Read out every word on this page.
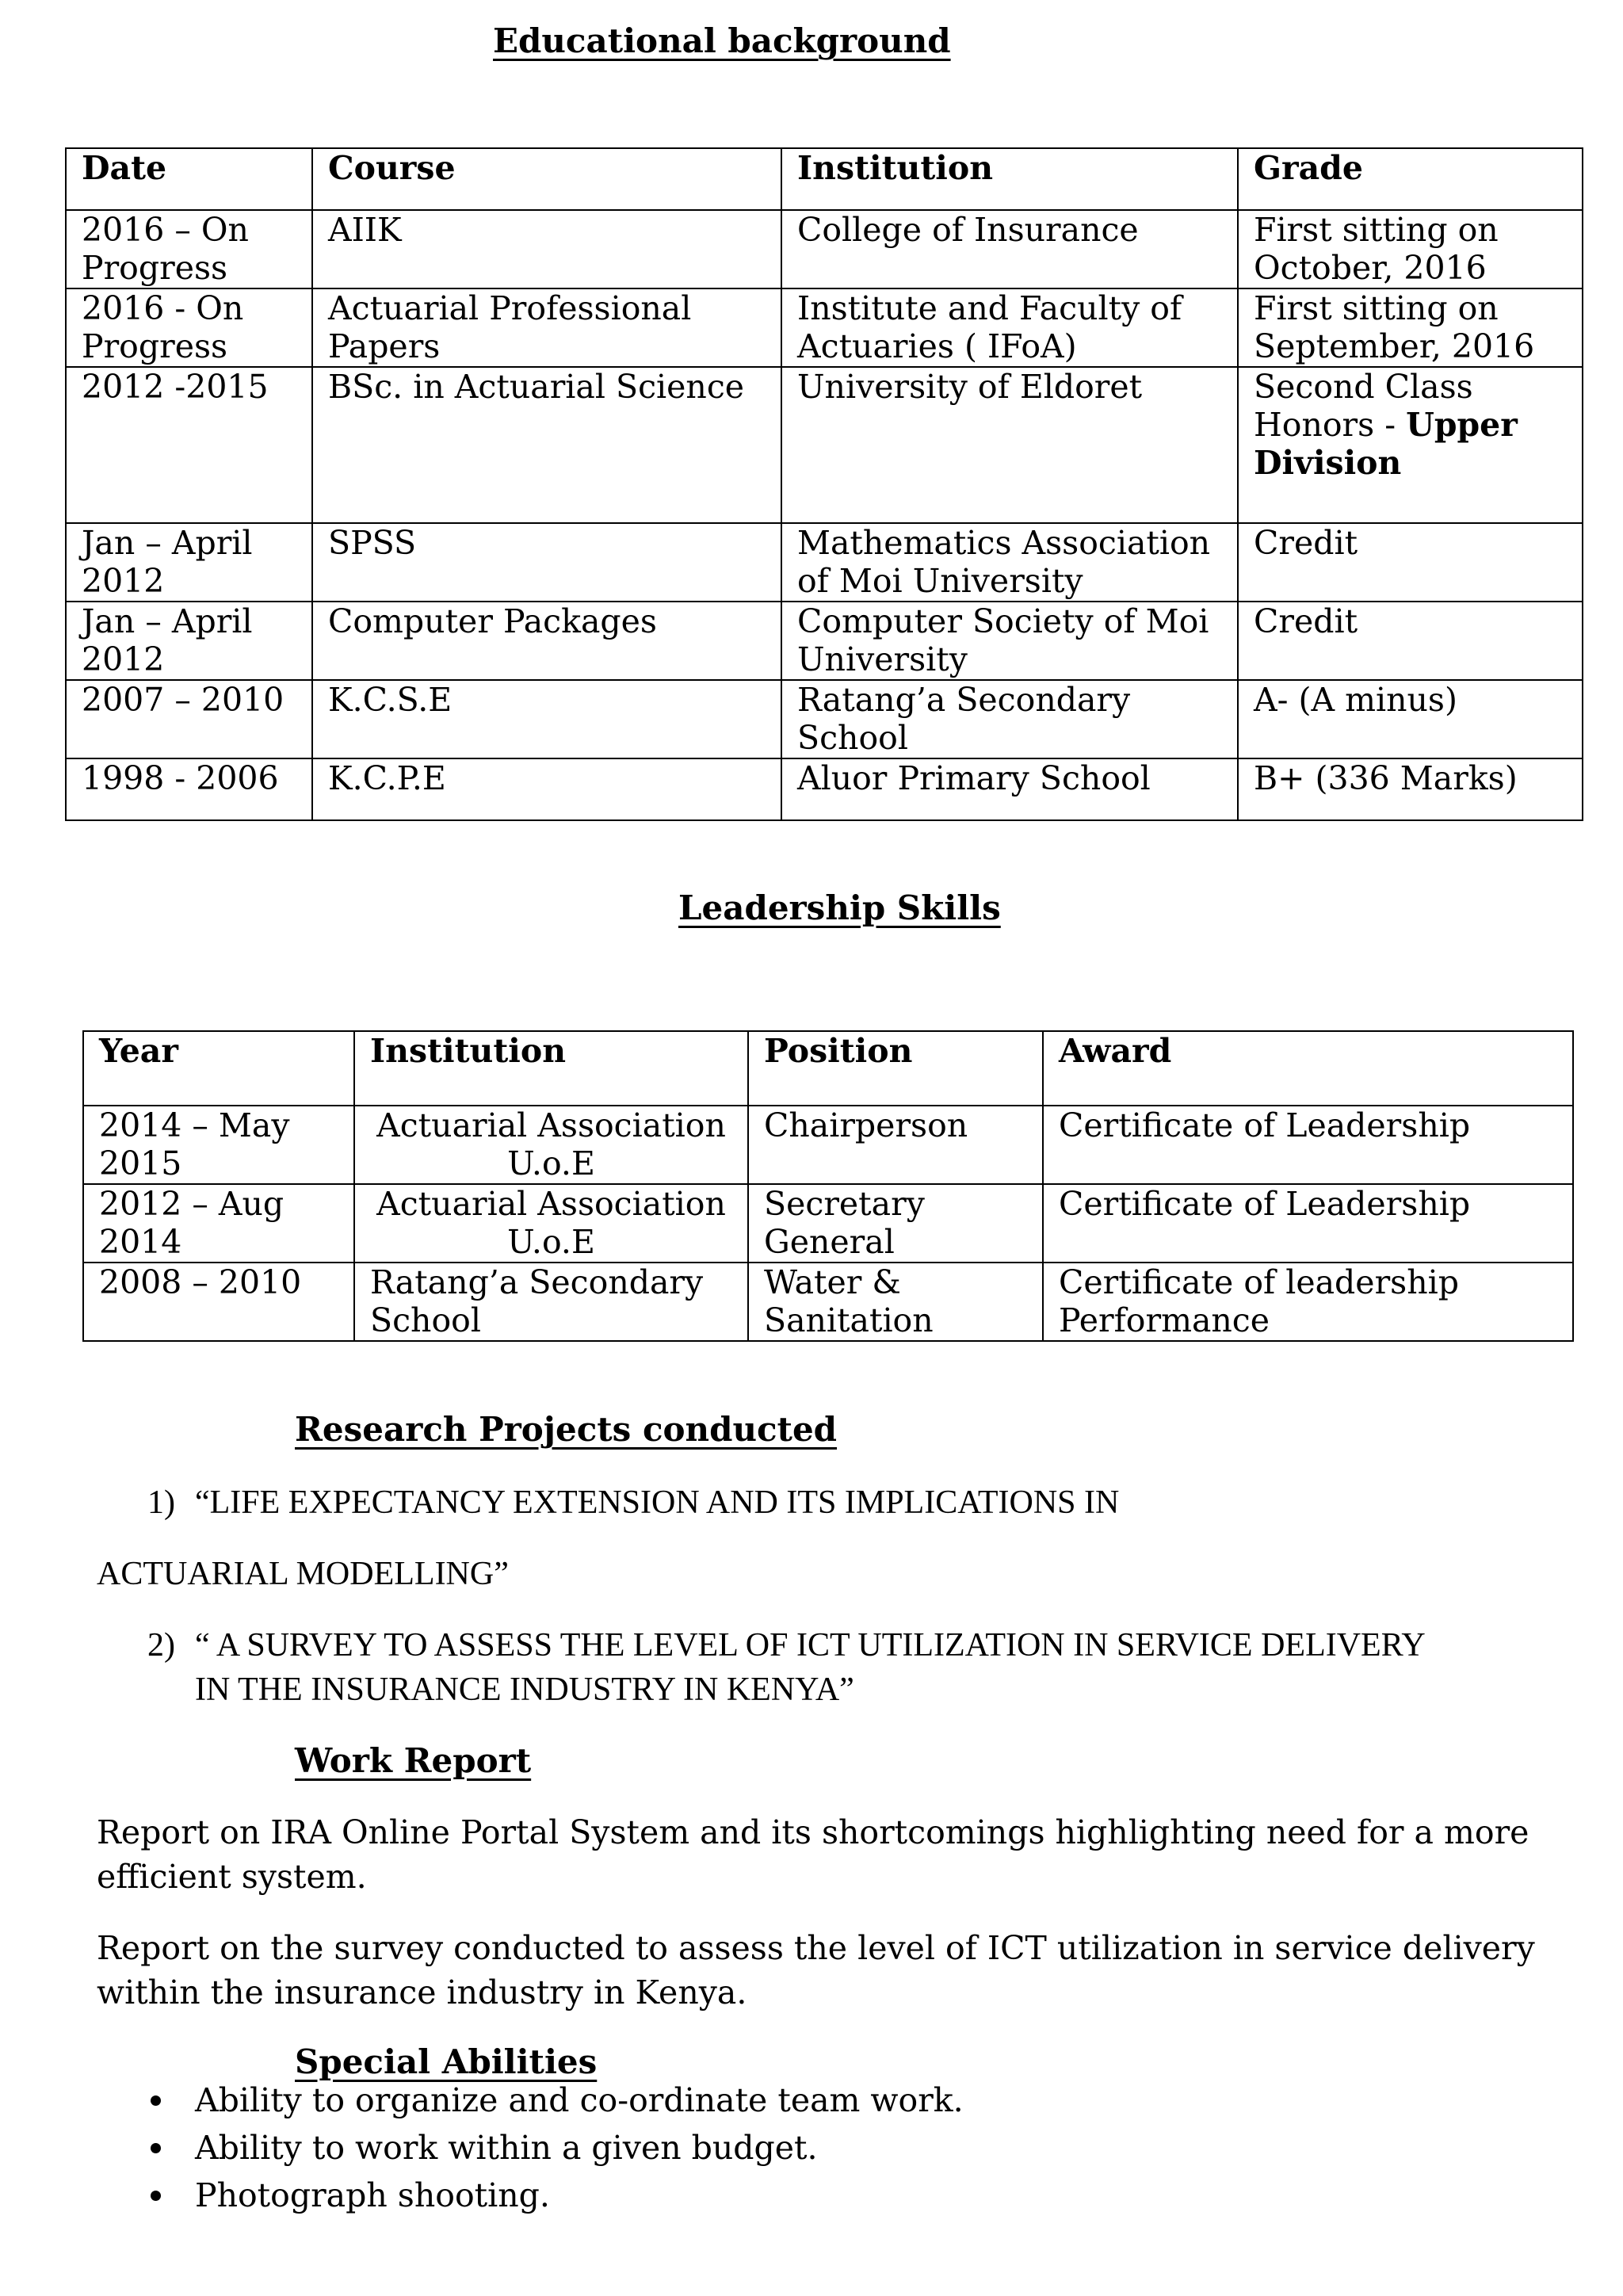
Educational background
Date	Course	Institution	Grade
2016 – On Progress	AIIK	College of Insurance	First sitting on October, 2016
2016 - On Progress	Actuarial Professional Papers	Institute and Faculty of Actuaries ( IFoA)	First sitting on September, 2016
2012 -2015	BSc. in Actuarial Science	University of Eldoret	Second Class Honors - Upper Division
Jan – April 2012	SPSS	Mathematics Association of Moi University	Credit
Jan – April 2012	Computer Packages	Computer Society of Moi University	Credit
2007 – 2010	K.C.S.E	Ratang’a Secondary School	A- (A minus)
1998 - 2006	K.C.P.E	Aluor Primary School	B+ (336 Marks)
Leadership Skills
Year	Institution	Position	Award
2014 – May 2015	Actuarial Association U.o.E	Chairperson	Certificate of Leadership
2012 – Aug 2014	Actuarial Association U.o.E	Secretary General	Certificate of Leadership
2008 – 2010	Ratang’a Secondary School	Water & Sanitation	Certificate of leadership Performance
Research Projects conducted
1) “LIFE EXPECTANCY EXTENSION AND ITS IMPLICATIONS IN
ACTUARIAL MODELLING”
2) “ A SURVEY TO ASSESS THE LEVEL OF ICT UTILIZATION IN SERVICE DELIVERY
IN THE INSURANCE INDUSTRY IN KENYA”
Work Report
Report on IRA Online Portal System and its shortcomings highlighting need for a more efficient system.
Report on the survey conducted to assess the level of ICT utilization in service delivery within the insurance industry in Kenya.
Special Abilities
Ability to organize and co-ordinate team work.
Ability to work within a given budget.
Photograph shooting.
